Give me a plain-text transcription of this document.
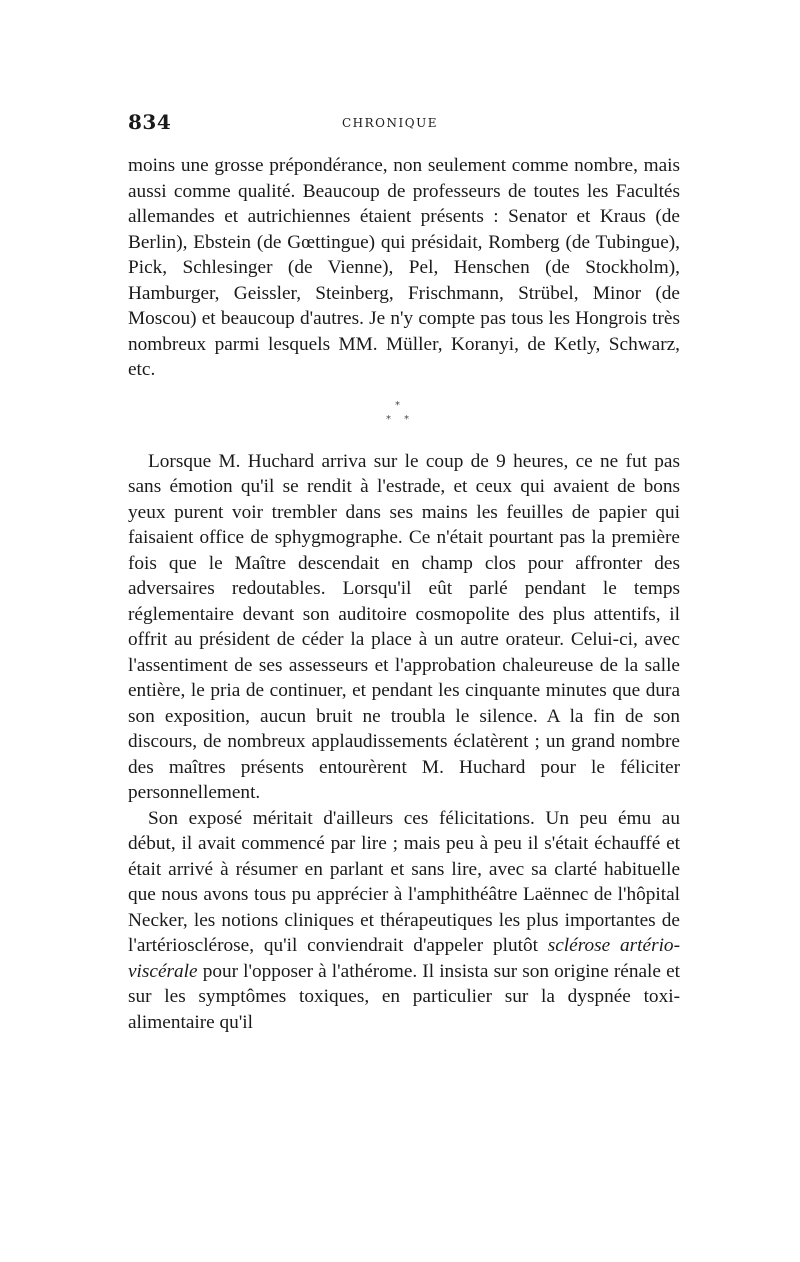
834	CHRONIQUE

moins une grosse prépondérance, non seulement comme nombre, mais aussi comme qualité. Beaucoup de professeurs de toutes les Facultés allemandes et autrichiennes étaient présents : Senator et Kraus (de Berlin), Ebstein (de Gœttingue) qui présidait, Romberg (de Tubingue), Pick, Schlesinger (de Vienne), Pel, Henschen (de Stockholm), Hamburger, Geissler, Steinberg, Frischmann, Strübel, Minor (de Moscou) et beaucoup d'autres. Je n'y compte pas tous les Hongrois très nombreux parmi lesquels MM. Müller, Koranyi, de Ketly, Schwarz, etc.

*
* *

Lorsque M. Huchard arriva sur le coup de 9 heures, ce ne fut pas sans émotion qu'il se rendit à l'estrade, et ceux qui avaient de bons yeux purent voir trembler dans ses mains les feuilles de papier qui faisaient office de sphygmographe. Ce n'était pourtant pas la première fois que le Maître descendait en champ clos pour affronter des adversaires redoutables. Lorsqu'il eût parlé pendant le temps réglementaire devant son auditoire cosmopolite des plus attentifs, il offrit au président de céder la place à un autre orateur. Celui-ci, avec l'assentiment de ses assesseurs et l'approbation chaleureuse de la salle entière, le pria de continuer, et pendant les cinquante minutes que dura son exposition, aucun bruit ne troubla le silence. A la fin de son discours, de nombreux applaudissements éclatèrent ; un grand nombre des maîtres présents entourèrent M. Huchard pour le féliciter personnellement.

Son exposé méritait d'ailleurs ces félicitations. Un peu ému au début, il avait commencé par lire ; mais peu à peu il s'était échauffé et était arrivé à résumer en parlant et sans lire, avec sa clarté habituelle que nous avons tous pu apprécier à l'amphithéâtre Laënnec de l'hôpital Necker, les notions cliniques et thérapeutiques les plus importantes de l'artériosclérose, qu'il conviendrait d'appeler plutôt sclérose artério-viscérale pour l'opposer à l'athérome. Il insista sur son origine rénale et sur les symptômes toxiques, en particulier sur la dyspnée toxi-alimentaire qu'il
